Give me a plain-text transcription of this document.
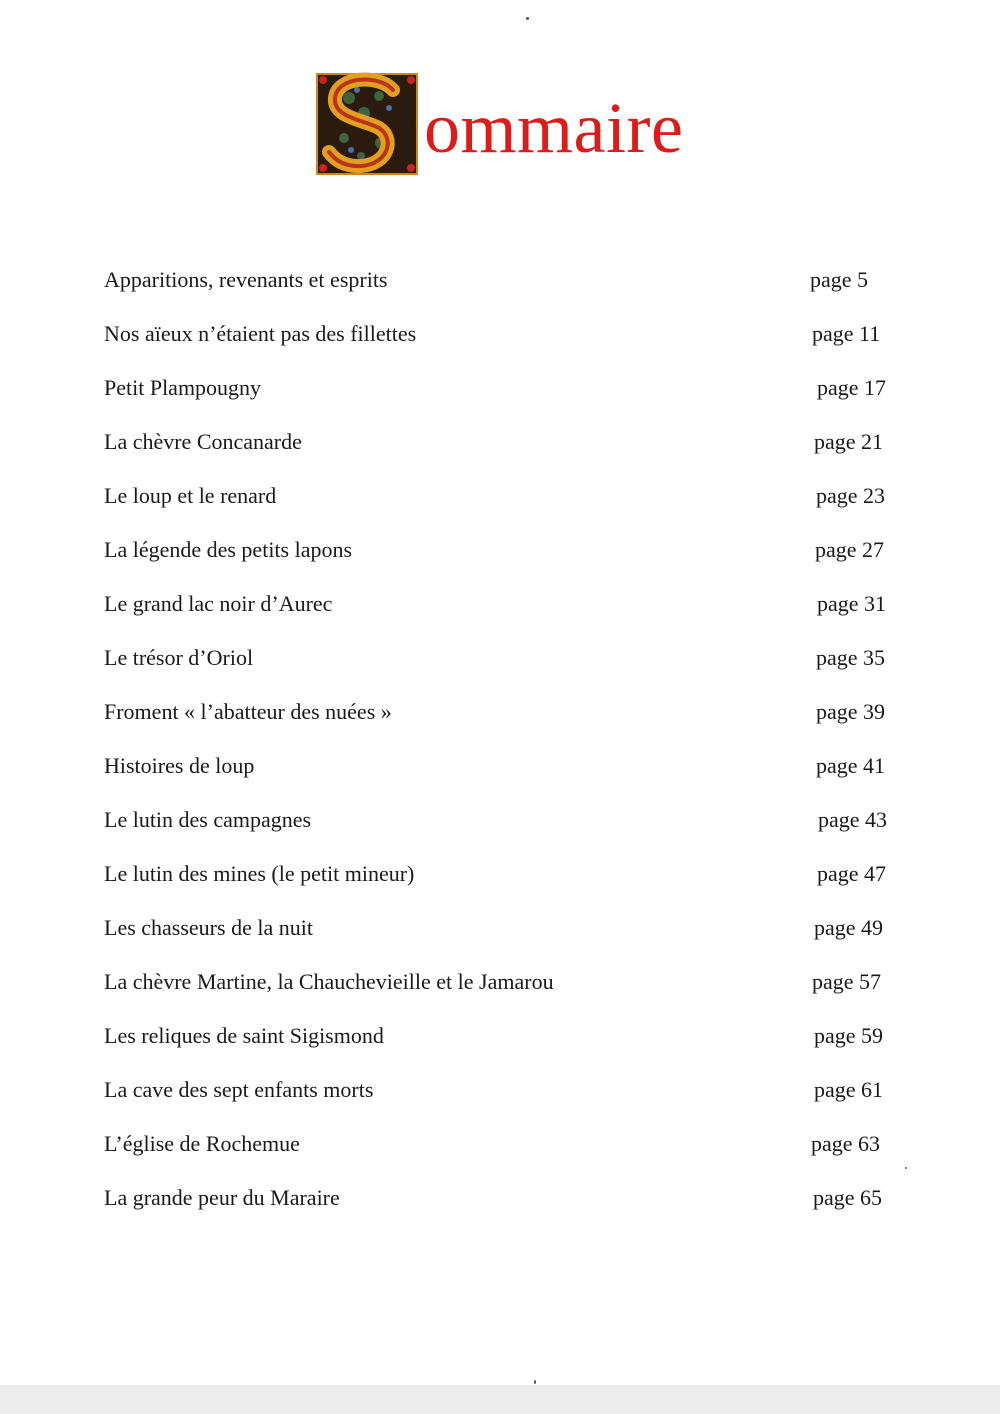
ommaire
Apparitions, revenants et esprits	page 5
Nos aïeux n’étaient pas des fillettes	page 11
Petit Plampougny	page 17
La chèvre Concanarde	page 21
Le loup et le renard	page 23
La légende des petits lapons	page 27
Le grand lac noir d’Aurec	page 31
Le trésor d’Oriol	page 35
Froment « l’abatteur des nuées »	page 39
Histoires de loup	page 41
Le lutin des campagnes	page 43
Le lutin des mines (le petit mineur)	page 47
Les chasseurs de la nuit	page 49
La chèvre Martine, la Chauchevieille et le Jamarou	page 57
Les reliques de saint Sigismond	page 59
La cave des sept enfants morts	page 61
L’église de Rochemue	page 63
La grande peur du Maraire	page 65
